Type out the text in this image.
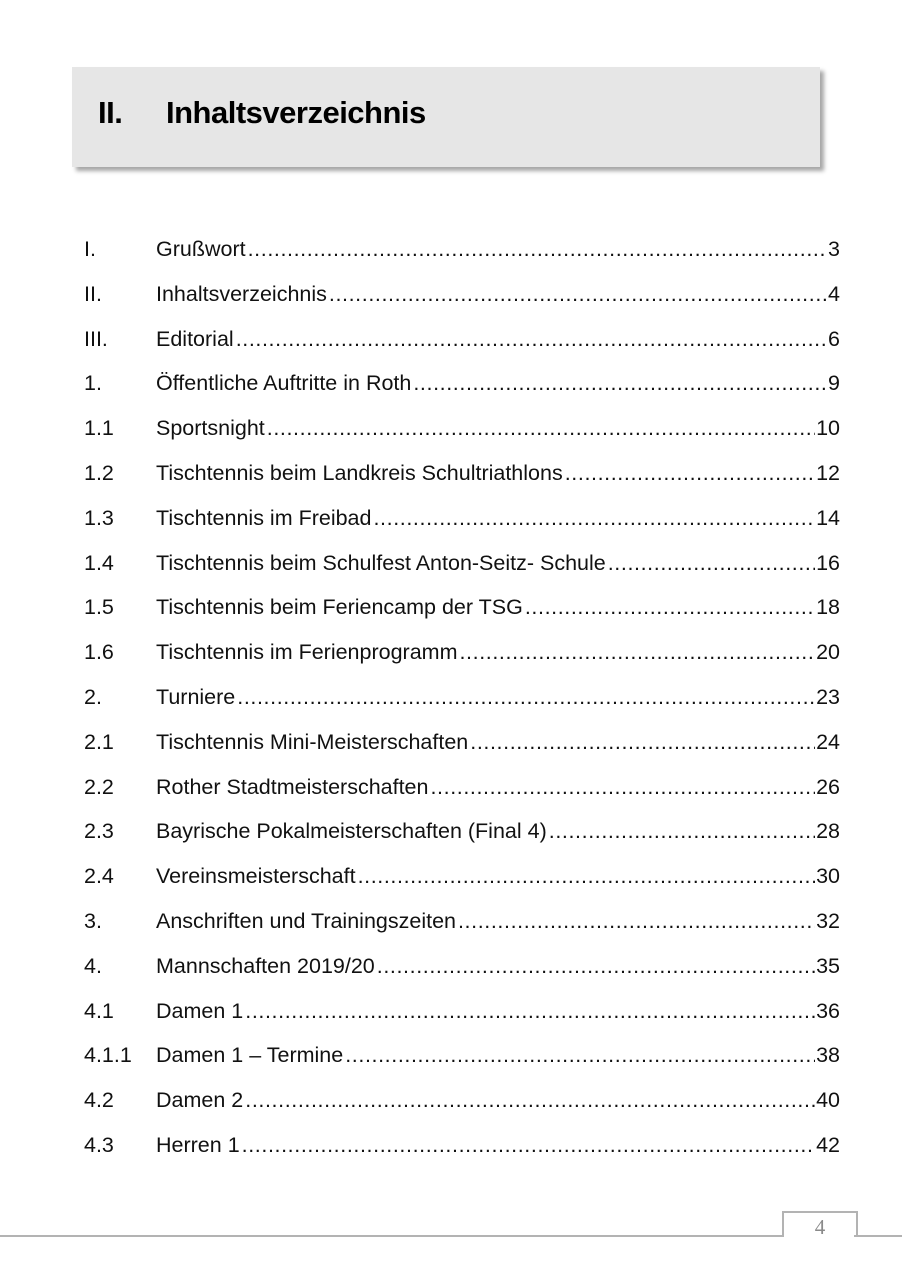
II. Inhaltsverzeichnis
I.	Grußwort .....	3
II.	Inhaltsverzeichnis .....	4
III.	Editorial .....	6
1.	Öffentliche Auftritte in Roth .....	9
1.1	Sportsnight .....	10
1.2	Tischtennis beim Landkreis Schultriathlons .....	12
1.3	Tischtennis im Freibad .....	14
1.4	Tischtennis beim Schulfest Anton-Seitz- Schule .....	16
1.5	Tischtennis beim Feriencamp der TSG .....	18
1.6	Tischtennis im Ferienprogramm .....	20
2.	Turniere .....	23
2.1	Tischtennis Mini-Meisterschaften .....	24
2.2	Rother Stadtmeisterschaften .....	26
2.3	Bayrische Pokalmeisterschaften (Final 4) .....	28
2.4	Vereinsmeisterschaft .....	30
3.	Anschriften und Trainingszeiten .....	32
4.	Mannschaften 2019/20 .....	35
4.1	Damen 1 .....	36
4.1.1	Damen 1 – Termine .....	38
4.2	Damen 2 .....	40
4.3	Herren 1 .....	42
4
